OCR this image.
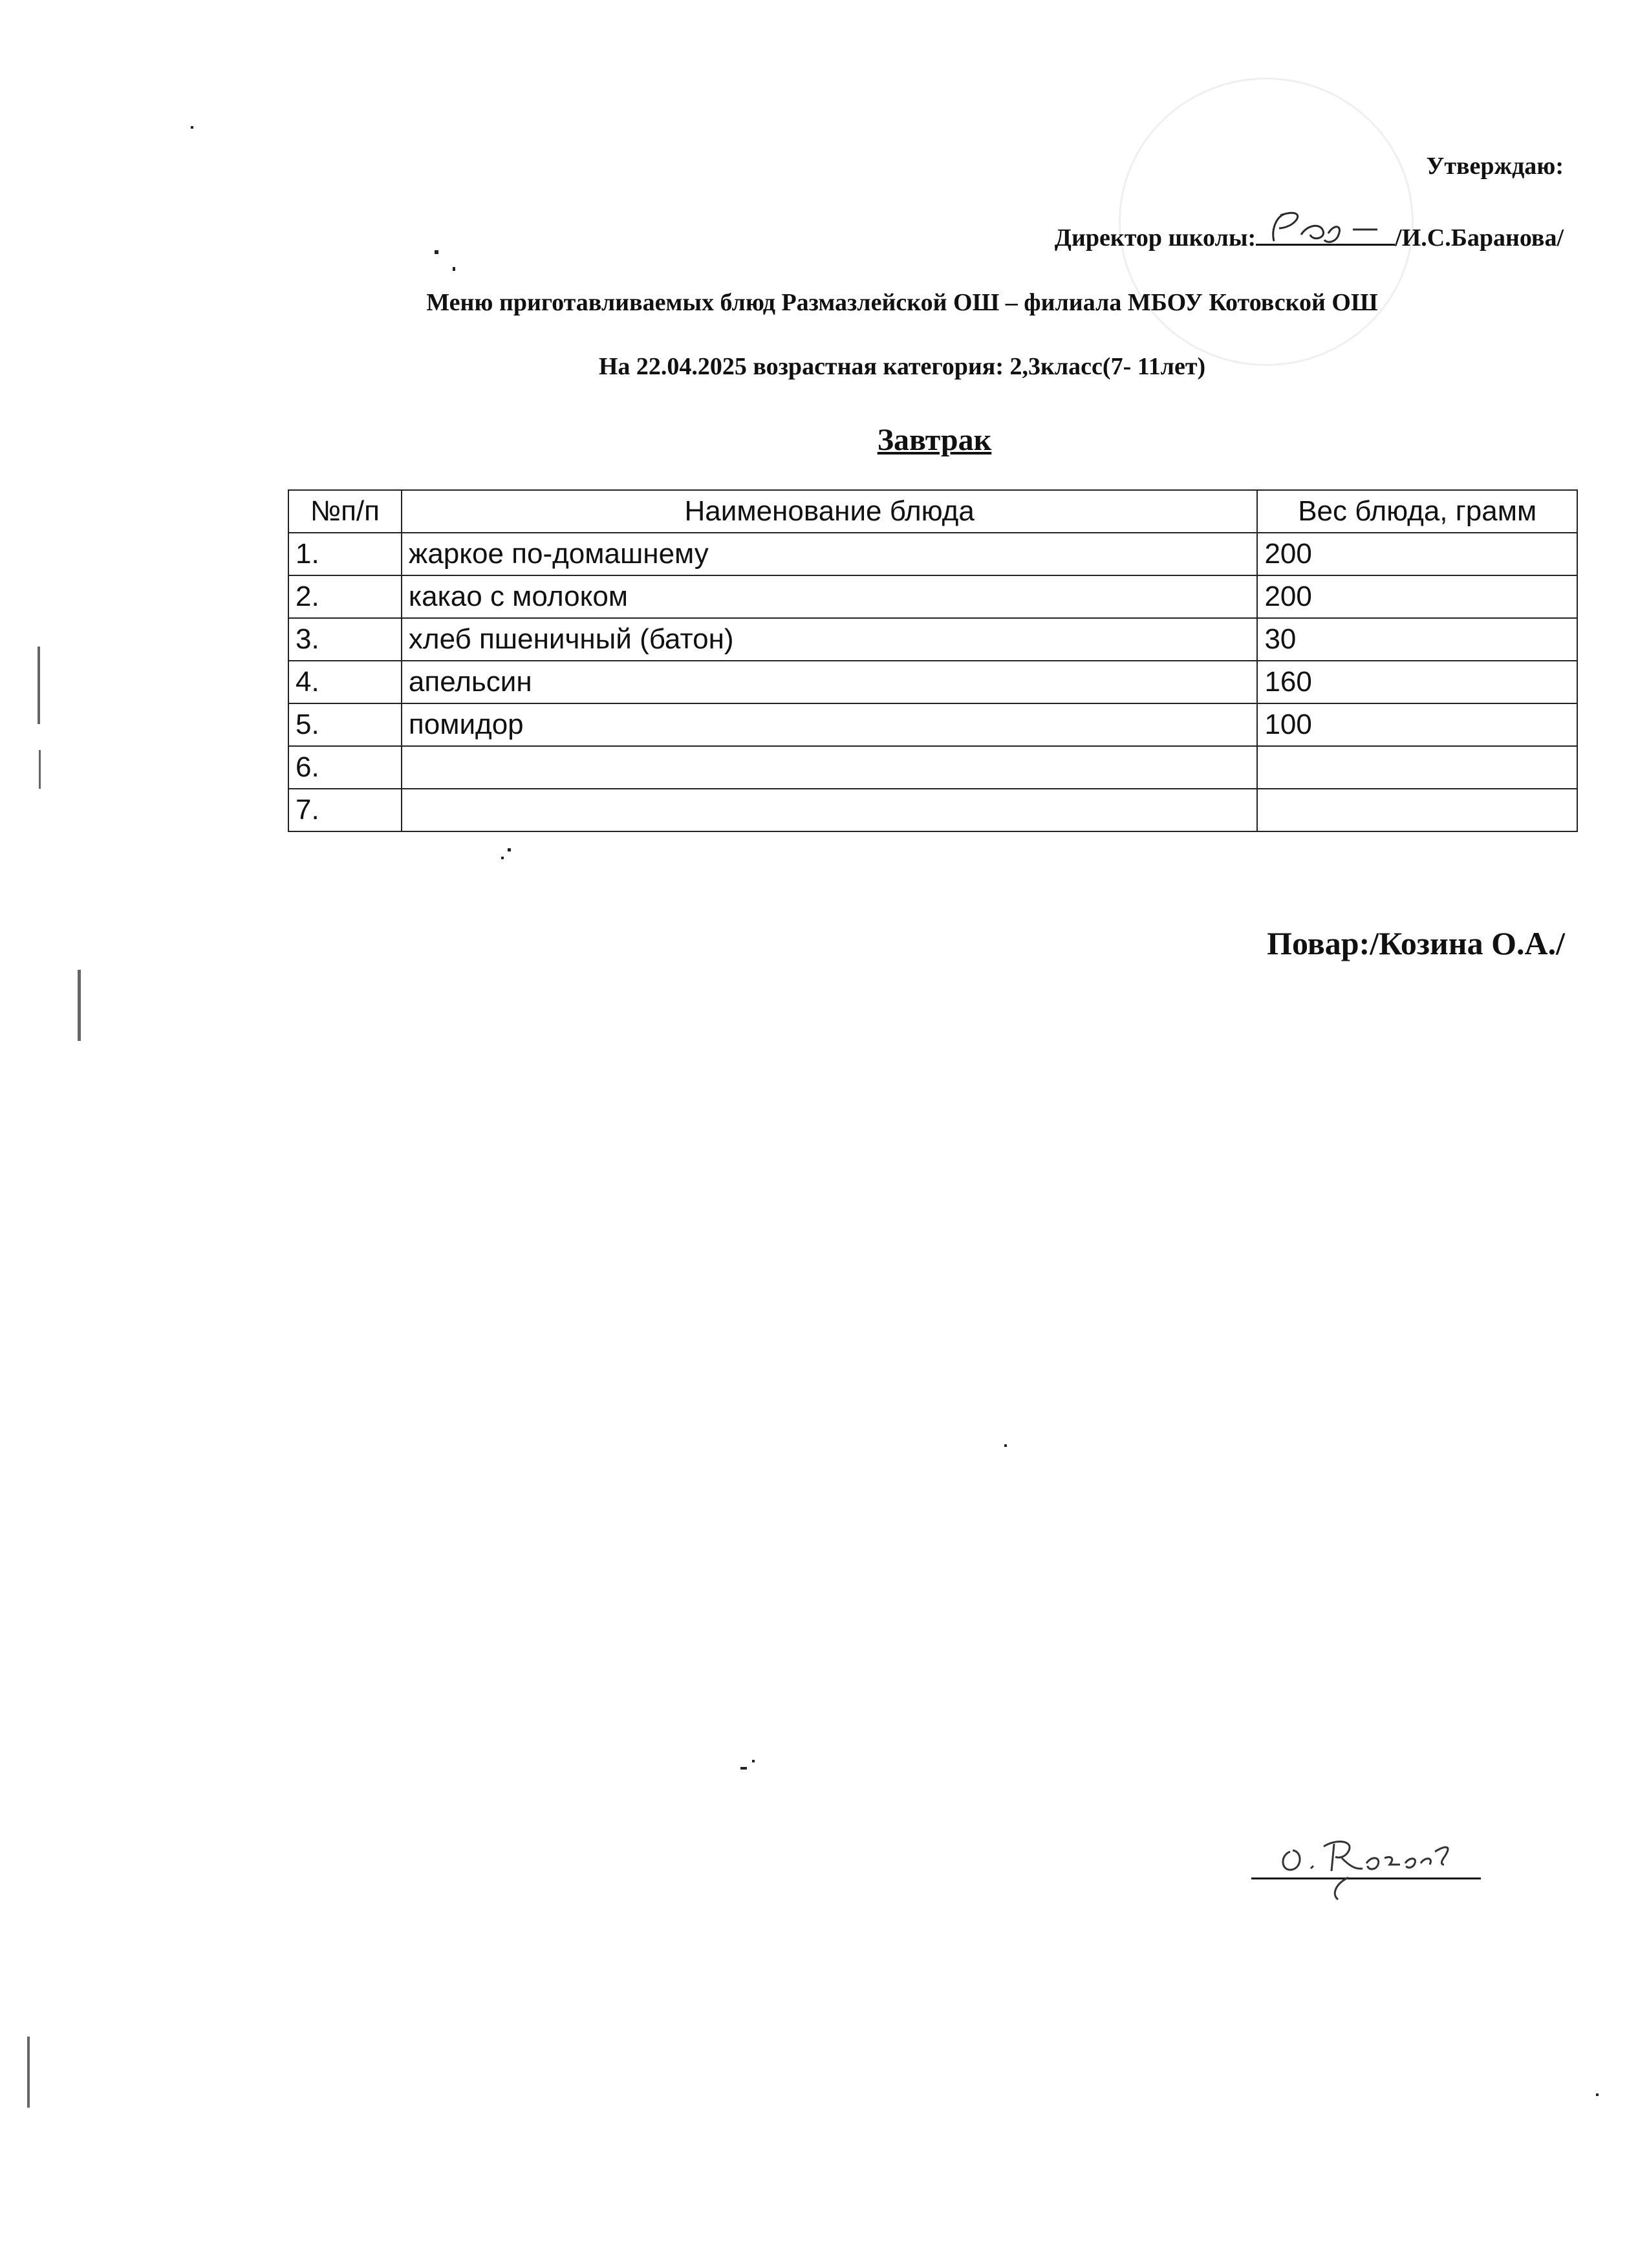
Утверждаю:
Директор школы:	/И.С.Баранова/
Меню приготавливаемых блюд Размазлейской ОШ – филиала МБОУ Котовской ОШ
На 22.04.2025 возрастная категория: 2,3класс(7- 11лет)
Завтрак
№п/п	Наименование блюда	Вес блюда, грамм
1.	жаркое по-домашнему	200
2.	какао с молоком	200
3.	хлеб пшеничный (батон)	30
4.	апельсин	160
5.	помидор	100
6.		
7.		
Повар:
/Козина О.А./
